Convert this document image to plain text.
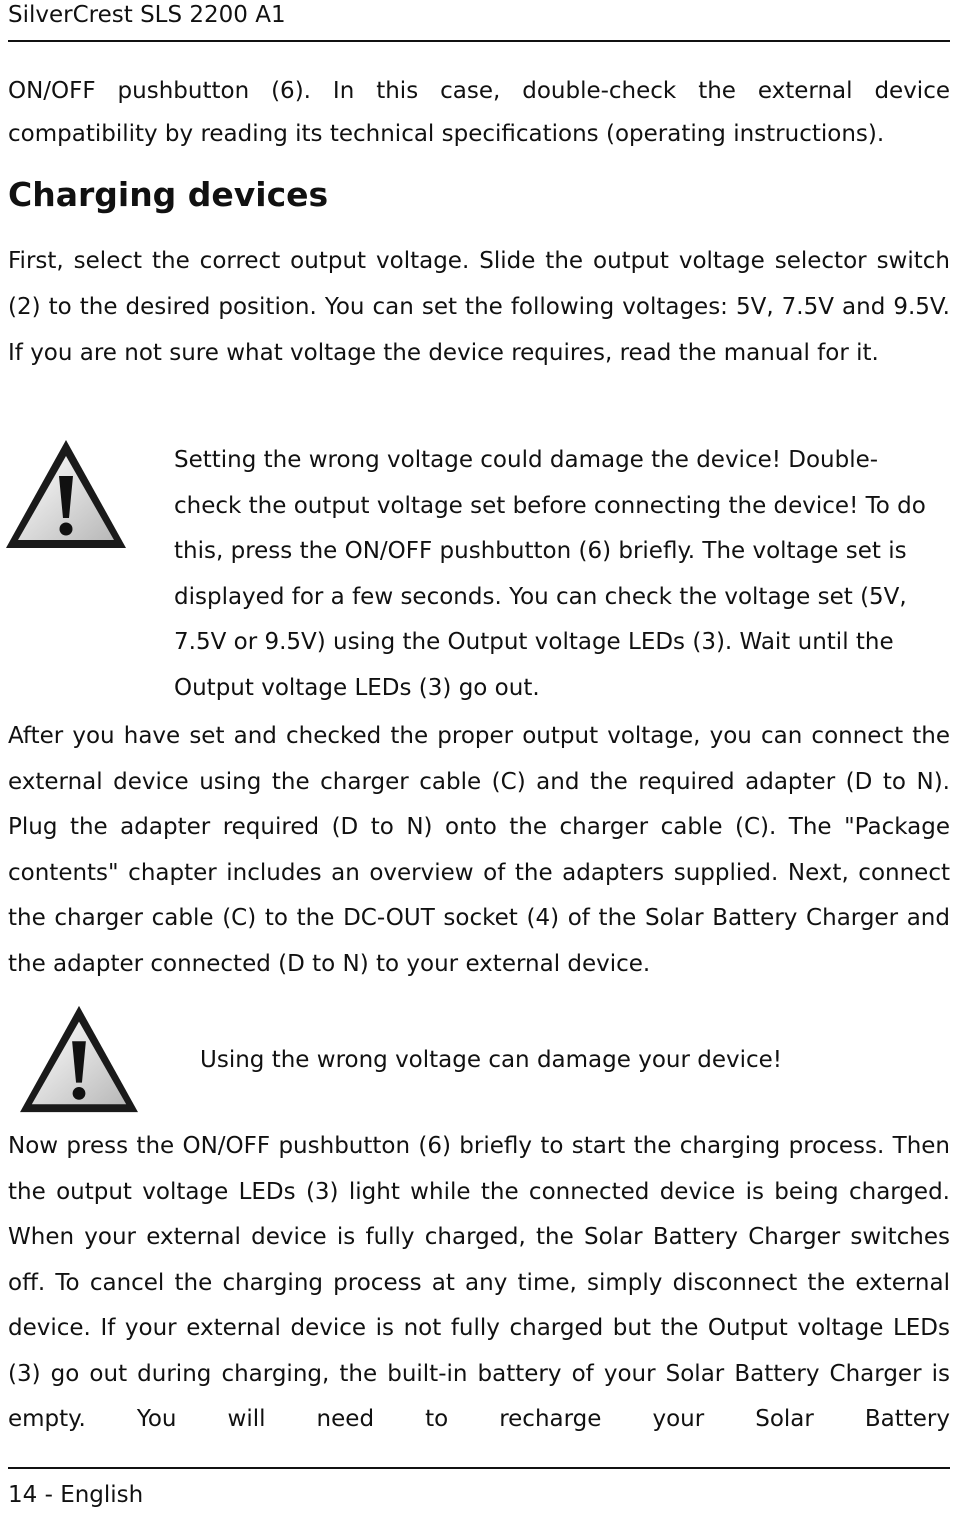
SilverCrest SLS 2200 A1

ON/OFF pushbutton (6). In this case, double-check the external device compatibility by reading its technical specifications (operating instructions).

Charging devices

First, select the correct output voltage. Slide the output voltage selector switch (2) to the desired position. You can set the following voltages: 5V, 7.5V and 9.5V. If you are not sure what voltage the device requires, read the manual for it.

Setting the wrong voltage could damage the device! Double-check the output voltage set before connecting the device! To do this, press the ON/OFF pushbutton (6) briefly. The voltage set is displayed for a few seconds. You can check the voltage set (5V, 7.5V or 9.5V) using the Output voltage LEDs (3). Wait until the Output voltage LEDs (3) go out.

After you have set and checked the proper output voltage, you can connect the external device using the charger cable (C) and the required adapter (D to N). Plug the adapter required (D to N) onto the charger cable (C). The "Package contents" chapter includes an overview of the adapters supplied. Next, connect the charger cable (C) to the DC-OUT socket (4) of the Solar Battery Charger and the adapter connected (D to N) to your external device.

Using the wrong voltage can damage your device!

Now press the ON/OFF pushbutton (6) briefly to start the charging process. Then the output voltage LEDs (3) light while the connected device is being charged. When your external device is fully charged, the Solar Battery Charger switches off. To cancel the charging process at any time, simply disconnect the external device. If your external device is not fully charged but the Output voltage LEDs (3) go out during charging, the built-in battery of your Solar Battery Charger is empty. You will need to recharge your Solar Battery

14 - English
